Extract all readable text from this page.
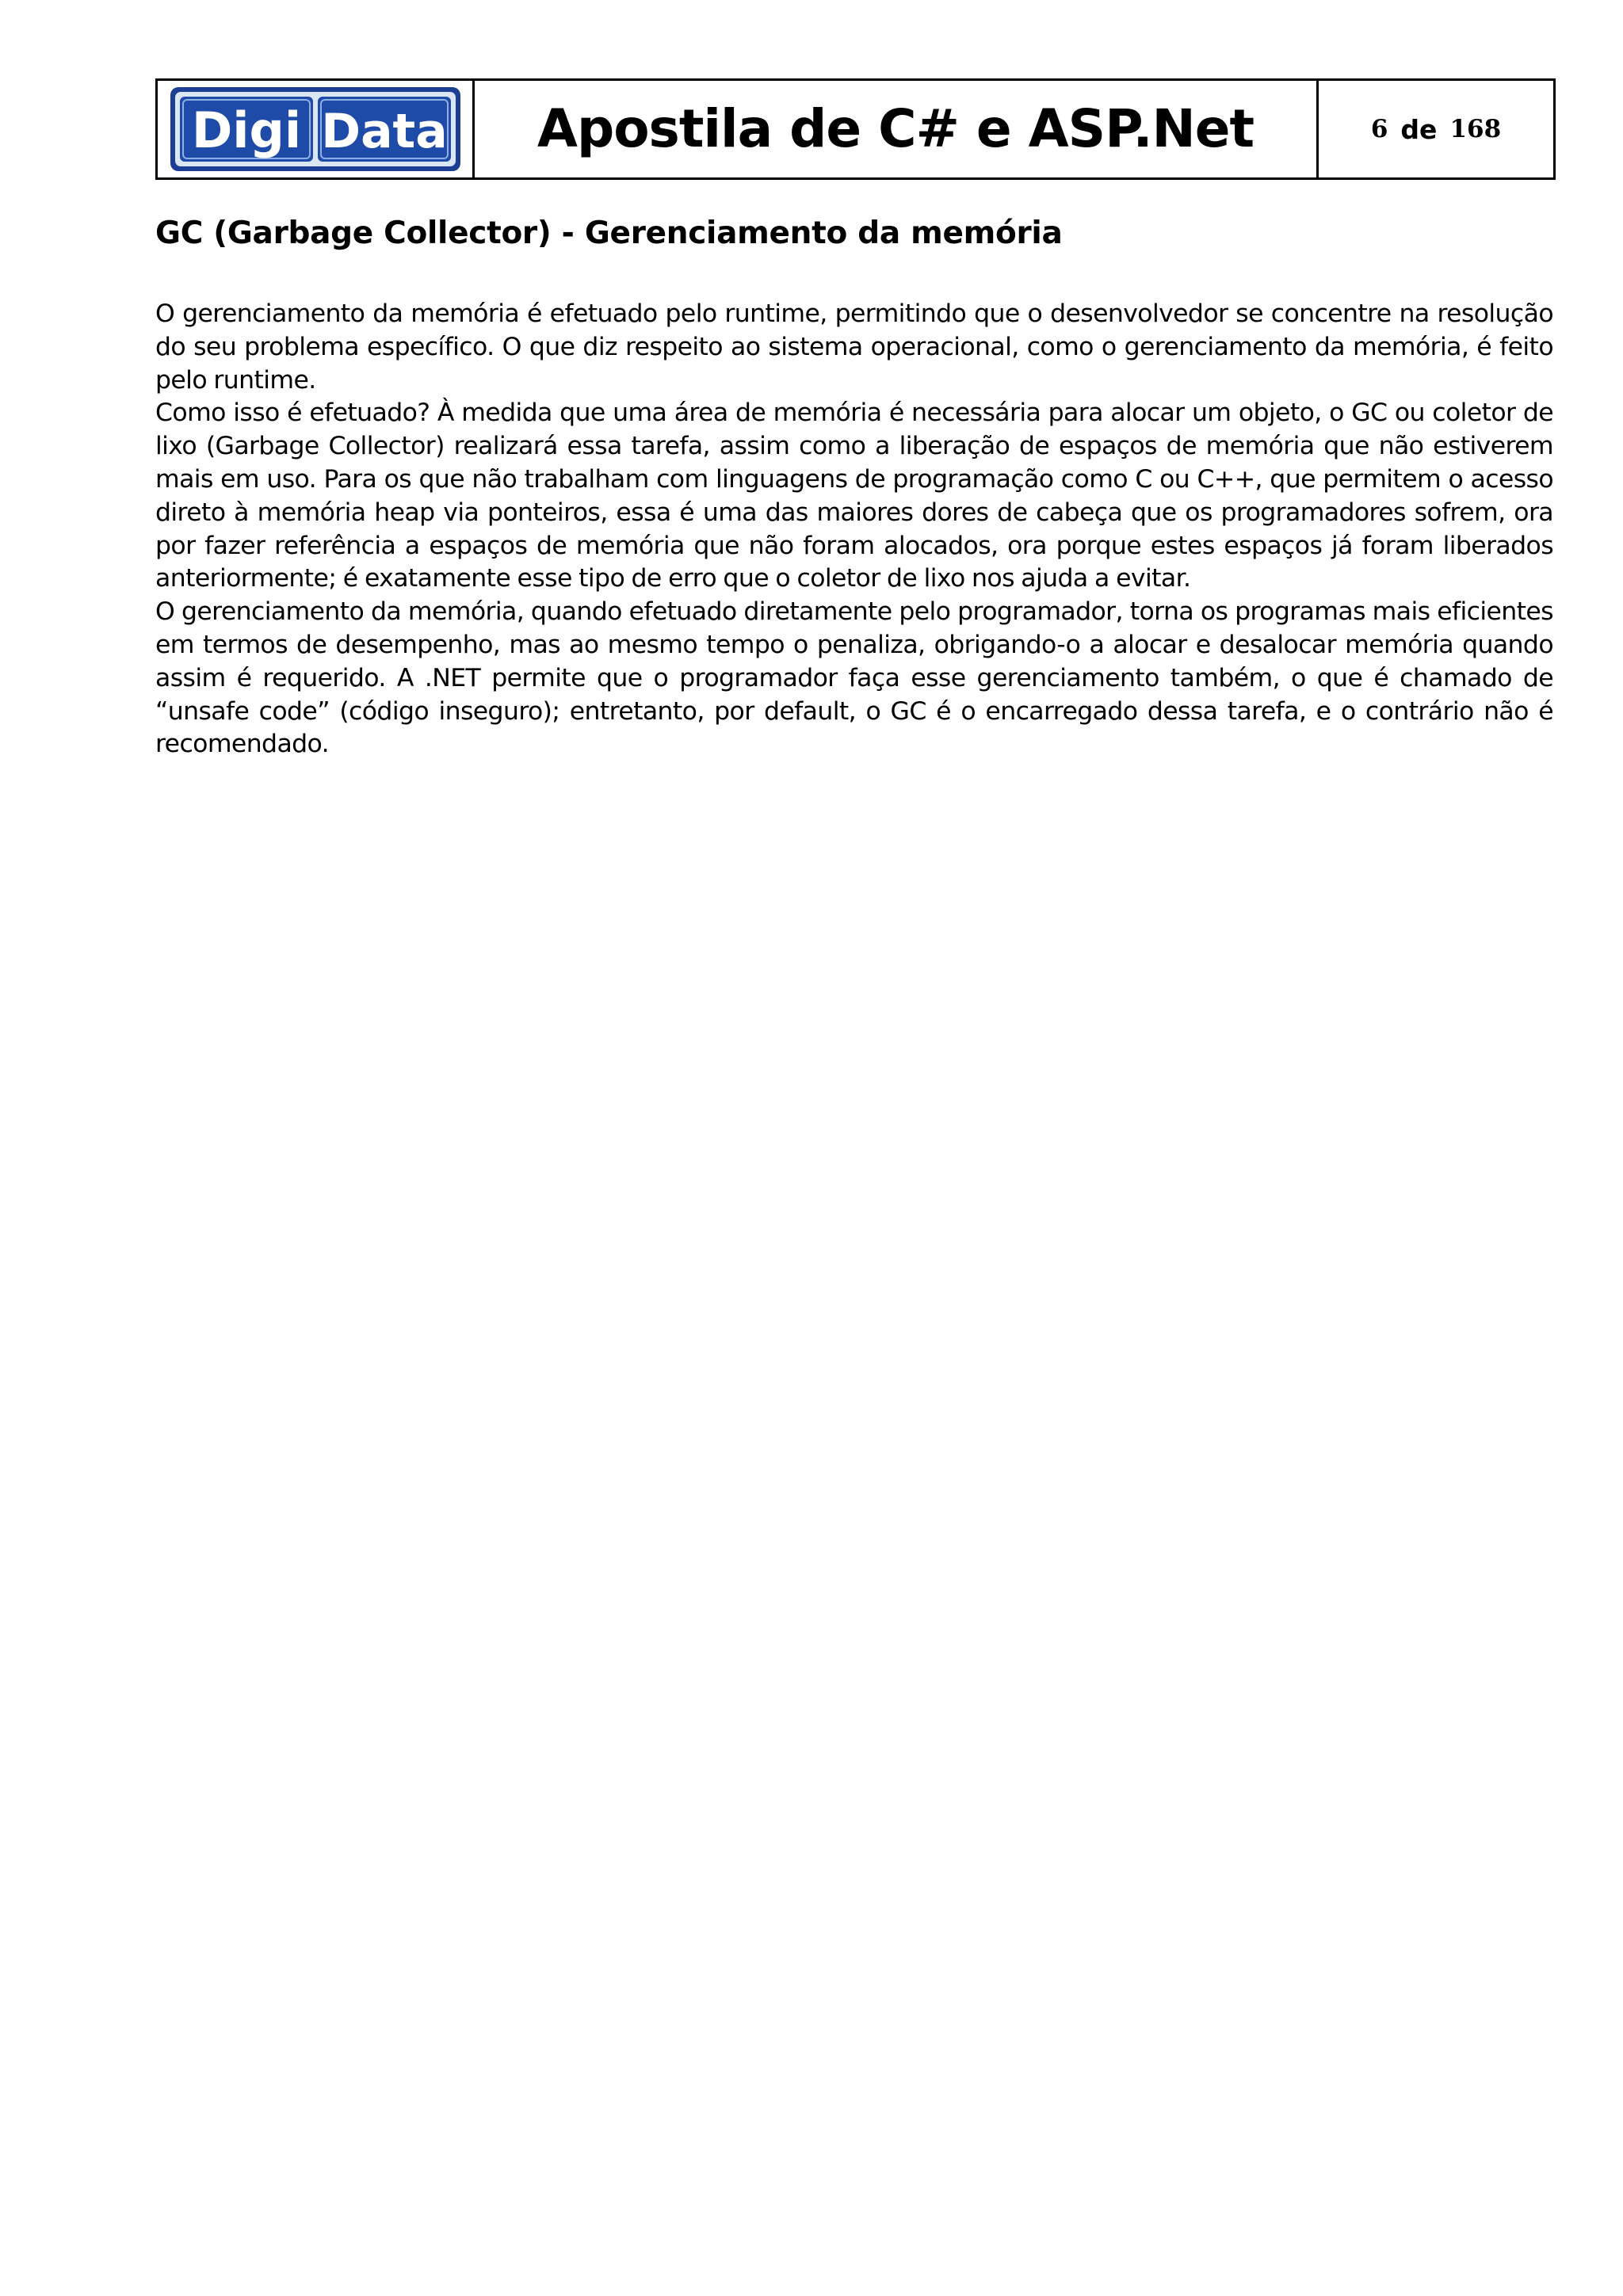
Digi Data Apostila de C# e ASP.Net	6 de 168
GC (Garbage Collector) - Gerenciamento da memória

O gerenciamento da memória é efetuado pelo runtime, permitindo que o desenvolvedor se concentre na resolução do seu problema específico. O que diz respeito ao sistema operacional, como o gerenciamento da memória, é feito pelo runtime.

Como isso é efetuado? À medida que uma área de memória é necessária para alocar um objeto, o GC ou coletor de lixo (Garbage Collector) realizará essa tarefa, assim como a liberação de espaços de memória que não estiverem mais em uso. Para os que não trabalham com linguagens de programação como C ou C++, que permitem o acesso direto à memória heap via ponteiros, essa é uma das maiores dores de cabeça que os programadores sofrem, ora por fazer referência a espaços de memória que não foram alocados, ora porque estes espaços já foram liberados anteriormente; é exatamente esse tipo de erro que o coletor de lixo nos ajuda a evitar.

O gerenciamento da memória, quando efetuado diretamente pelo programador, torna os programas mais eficientes em termos de desempenho, mas ao mesmo tempo o penaliza, obrigando-o a alocar e desalocar memória quando assim é requerido. A .NET permite que o programador faça esse gerenciamento também, o que é chamado de “unsafe code” (código inseguro); entretanto, por default, o GC é o encarregado dessa tarefa, e o contrário não é recomendado.
